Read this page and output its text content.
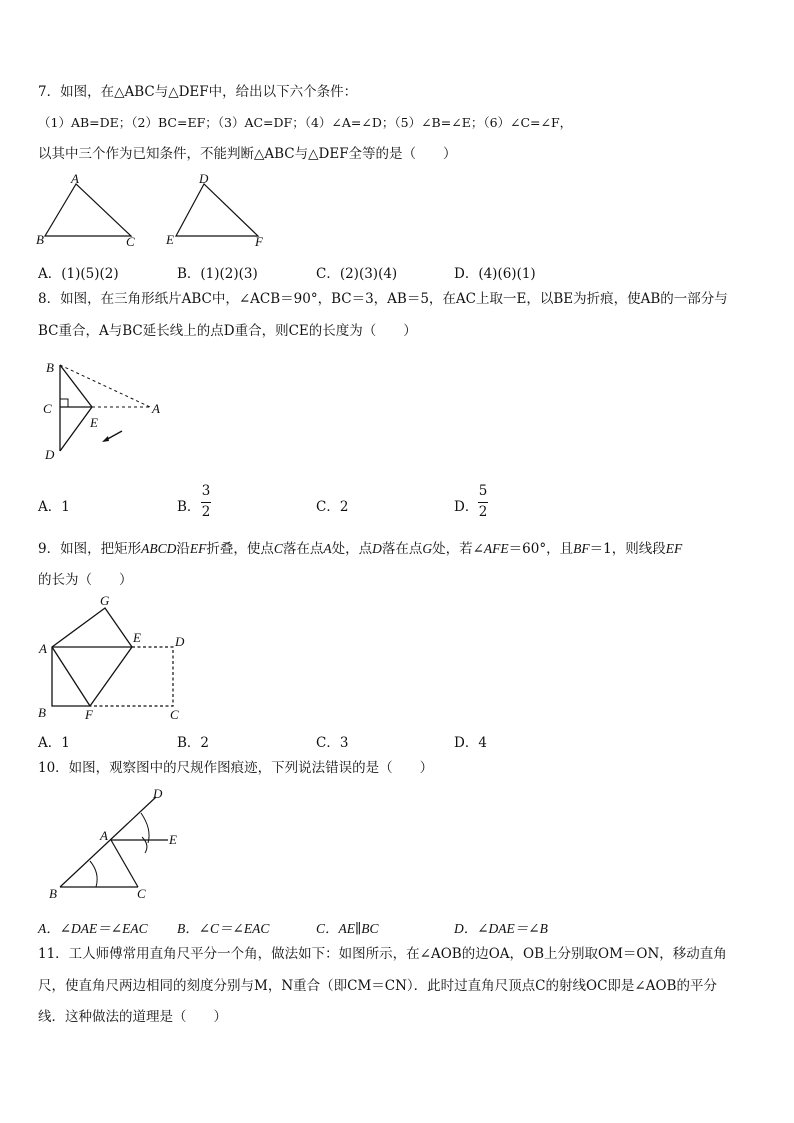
7．如图，在△ABC与△DEF中，给出以下六个条件：
（1）AB=DE；（2）BC=EF；（3）AC=DF；（4）∠A=∠D；（5）∠B=∠E；（6）∠C=∠F，
以其中三个作为已知条件，不能判断△ABC与△DEF全等的是（　　）
A
B	C
D
E	F
A．(1)(5)(2)	B．(1)(2)(3)	C．(2)(3)(4)	D．(4)(6)(1)
8．如图，在三角形纸片ABC中，∠ACB＝90°，BC＝3，AB＝5，在AC上取一E，以BE为折痕，使AB的一部分与
BC重合，A与BC延长线上的点D重合，则CE的长度为（　　）
B
C	A
E
D
A．1	B．
3
2	C．2	D．
5
2
9．如图，把矩形ABCD沿EF折叠，使点C落在点A处，点D落在点G处，若∠AFE＝60°，且BF＝1，则线段EF
的长为（　　）
G
A
E	D
B	F	C
A．1	B．2	C．3	D．4
10．如图，观察图中的尺规作图痕迹，下列说法错误的是（　　）
D
A	E
B	C
A．∠DAE＝∠EAC B．∠C＝∠EAC	C．AE∥BC	D．∠DAE＝∠B
11．工人师傅常用直角尺平分一个角，做法如下：如图所示，在∠AOB的边OA，OB上分别取OM＝ON，移动直角
尺，使直角尺两边相同的刻度分别与M，N重合（即CM＝CN）．此时过直角尺顶点C的射线OC即是∠AOB的平分
线．这种做法的道理是（　　）
